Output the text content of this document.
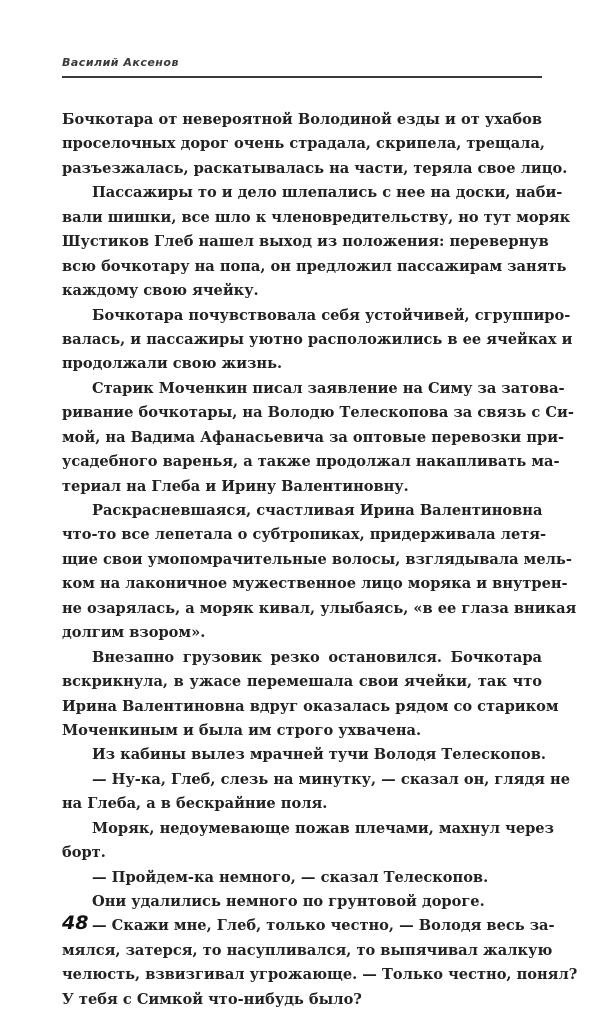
Василий Аксенов
Бочкотара от невероятной Володиной езды и от ухабов
проселочных дорог очень страдала, скрипела, трещала,
разъезжалась, раскатывалась на части, теряла свое лицо.
Пассажиры то и дело шлепались с нее на доски, наби-
вали шишки, все шло к членовредительству, но тут моряк
Шустиков Глеб нашел выход из положения: перевернув
всю бочкотару на попа, он предложил пассажирам занять
каждому свою ячейку.
Бочкотара почувствовала себя устойчивей, сгруппиро-
валась, и пассажиры уютно расположились в ее ячейках и
продолжали свою жизнь.
Старик Моченкин писал заявление на Симу за затова-
ривание бочкотары, на Володю Телескопова за связь с Си-
мой, на Вадима Афанасьевича за оптовые перевозки при-
усадебного варенья, а также продолжал накапливать ма-
териал на Глеба и Ирину Валентиновну.
Раскрасневшаяся, счастливая Ирина Валентиновна
что-то все лепетала о субтропиках, придерживала летя-
щие свои умопомрачительные волосы, взглядывала мель-
ком на лаконичное мужественное лицо моряка и внутрен-
не озарялась, а моряк кивал, улыбаясь, «в ее глаза вникая
долгим взором».
Внезапно грузовик резко остановился. Бочкотара
вскрикнула, в ужасе перемешала свои ячейки, так что
Ирина Валентиновна вдруг оказалась рядом со стариком
Моченкиным и была им строго ухвачена.
Из кабины вылез мрачней тучи Володя Телескопов.
— Ну-ка, Глеб, слезь на минутку, — сказал он, глядя не
на Глеба, а в бескрайние поля.
Моряк, недоумевающе пожав плечами, махнул через
борт.
— Пройдем-ка немного, — сказал Телескопов.
Они удалились немного по грунтовой дороге.
— Скажи мне, Глеб, только честно, — Володя весь за-
мялся, затерся, то насупливался, то выпячивал жалкую
челюсть, взвизгивал угрожающе. — Только честно, понял?
У тебя с Симкой что-нибудь было?
48
